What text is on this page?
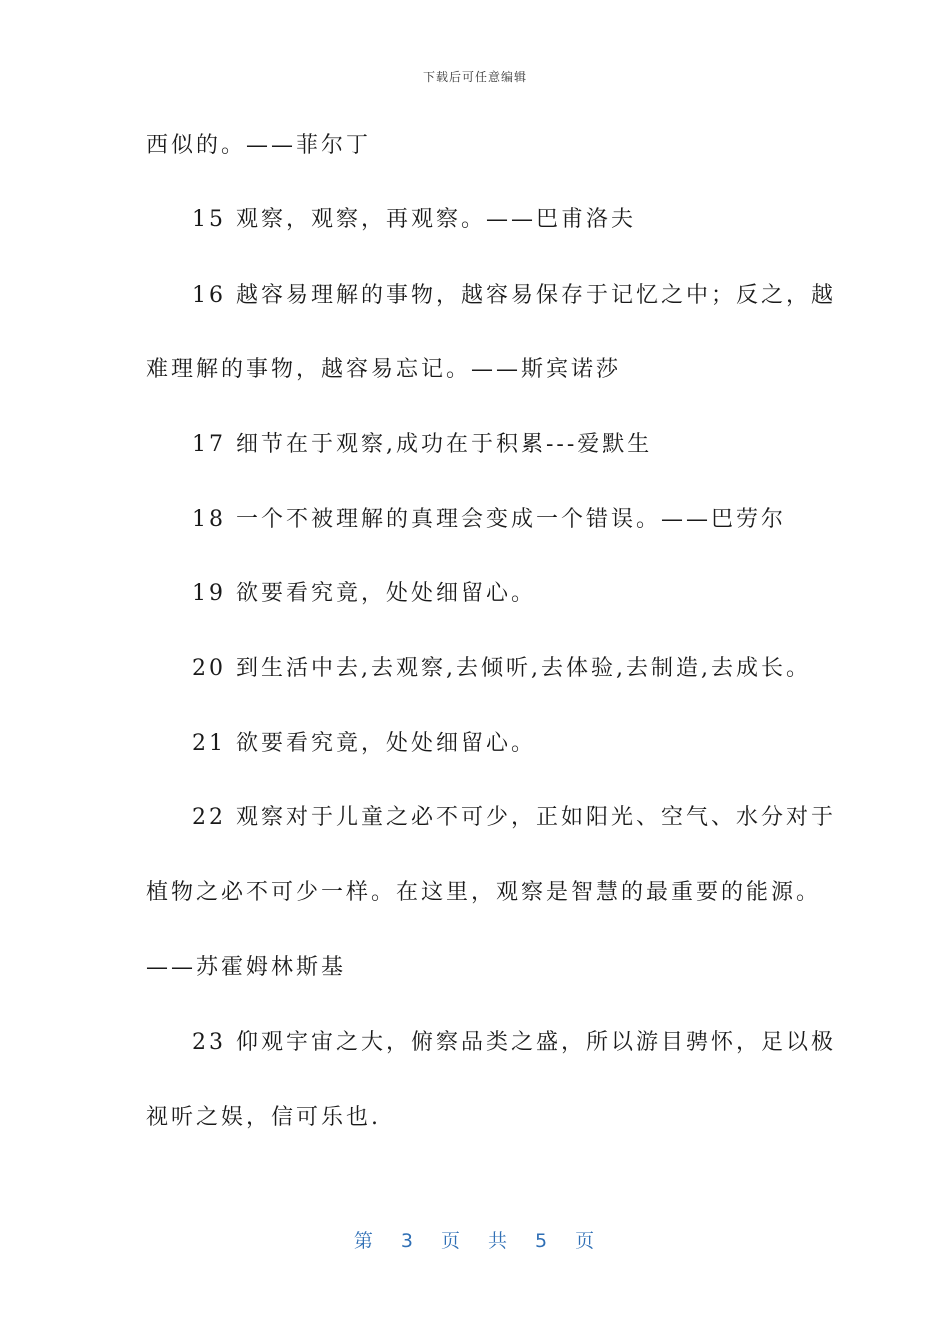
下载后可任意编辑
西似的。——菲尔丁
15 观察，观察，再观察。——巴甫洛夫
16 越容易理解的事物，越容易保存于记忆之中；反之，越
难理解的事物，越容易忘记。——斯宾诺莎
17 细节在于观察,成功在于积累---爱默生
18 一个不被理解的真理会变成一个错误。——巴劳尔
19 欲要看究竟，处处细留心。
20 到生活中去,去观察,去倾听,去体验,去制造,去成长。
21 欲要看究竟，处处细留心。
22 观察对于儿童之必不可少，正如阳光、空气、水分对于
植物之必不可少一样。在这里，观察是智慧的最重要的能源。
——苏霍姆林斯基
23 仰观宇宙之大，俯察品类之盛，所以游目骋怀，足以极
视听之娱，信可乐也.
第 3 页 共 5 页
